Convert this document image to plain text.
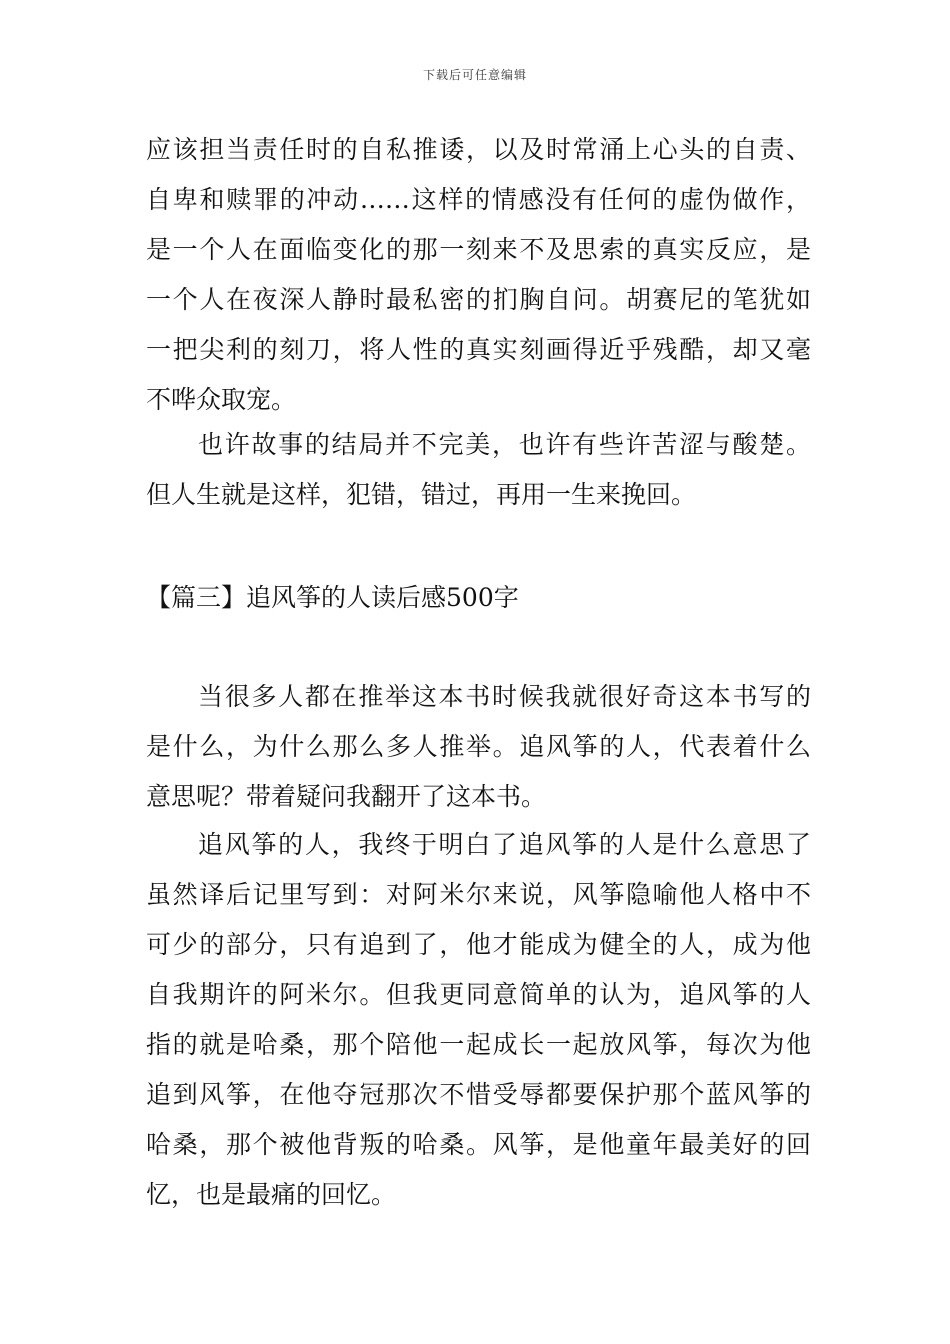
下载后可任意编辑
应该担当责任时的自私推诿，以及时常涌上心头的自责、
自卑和赎罪的冲动……这样的情感没有任何的虚伪做作，
是一个人在面临变化的那一刻来不及思索的真实反应，是
一个人在夜深人静时最私密的扪胸自问。胡赛尼的笔犹如
一把尖利的刻刀，将人性的真实刻画得近乎残酷，却又毫
不哗众取宠。
也许故事的结局并不完美，也许有些许苦涩与酸楚。
但人生就是这样，犯错，错过，再用一生来挽回。
【篇三】追风筝的人读后感500字
当很多人都在推举这本书时候我就很好奇这本书写的
是什么，为什么那么多人推举。追风筝的人，代表着什么
意思呢？带着疑问我翻开了这本书。
追风筝的人，我终于明白了追风筝的人是什么意思了
虽然译后记里写到：对阿米尔来说，风筝隐喻他人格中不
可少的部分，只有追到了，他才能成为健全的人，成为他
自我期许的阿米尔。但我更同意简单的认为，追风筝的人
指的就是哈桑，那个陪他一起成长一起放风筝，每次为他
追到风筝，在他夺冠那次不惜受辱都要保护那个蓝风筝的
哈桑，那个被他背叛的哈桑。风筝，是他童年最美好的回
忆，也是最痛的回忆。
